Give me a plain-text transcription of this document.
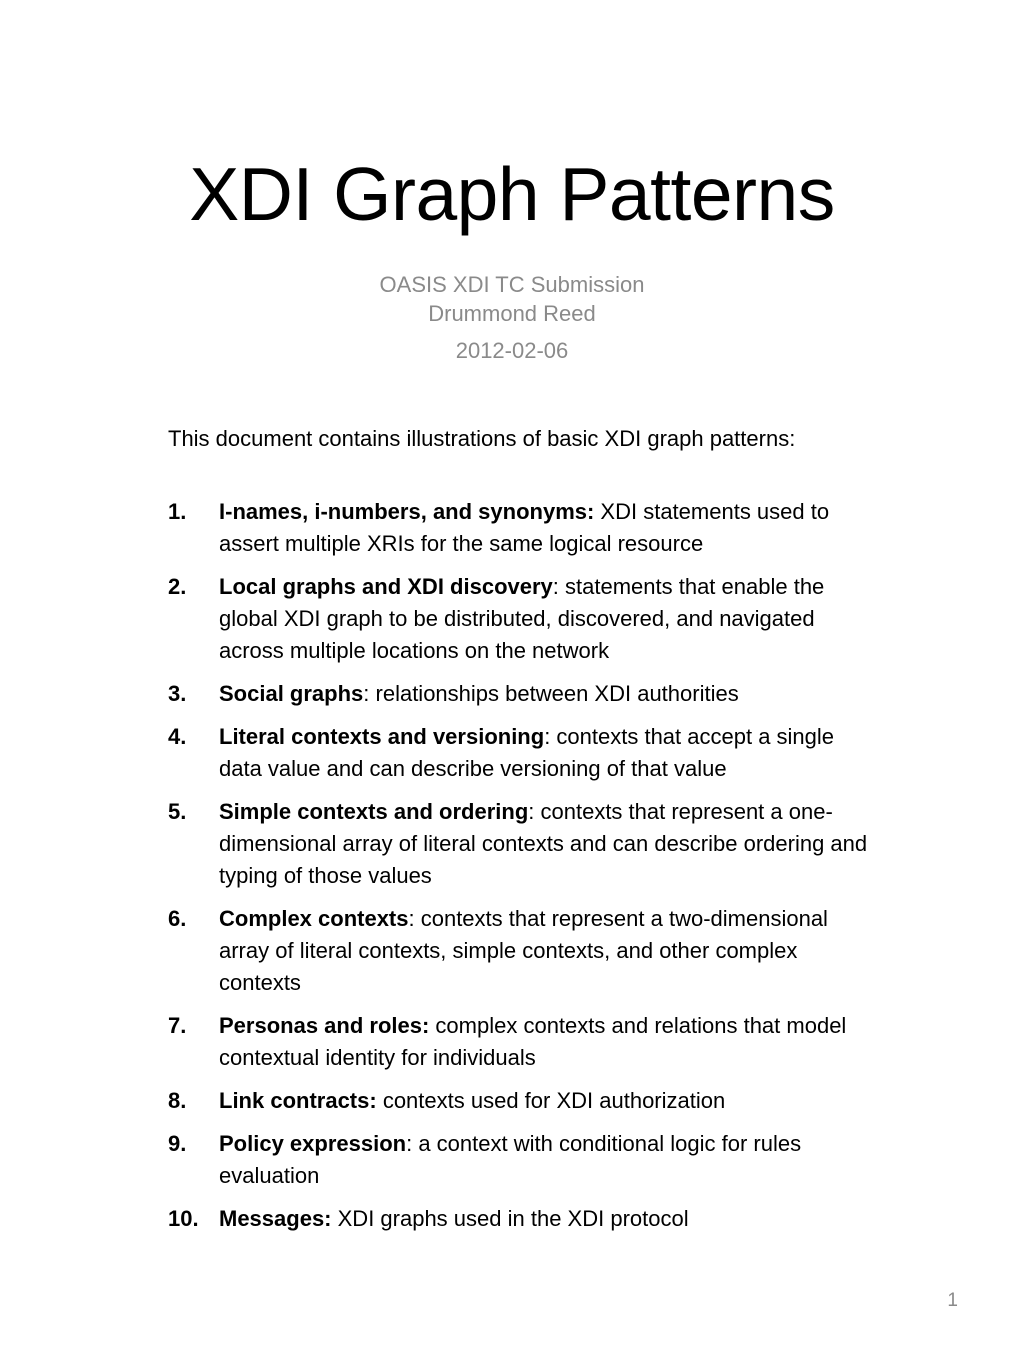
XDI Graph Patterns
OASIS XDI TC Submission
Drummond Reed
2012-02-06
This document contains illustrations of basic XDI graph patterns:
1. I-names, i-numbers, and synonyms: XDI statements used to assert multiple XRIs for the same logical resource
2. Local graphs and XDI discovery: statements that enable the global XDI graph to be distributed, discovered, and navigated across multiple locations on the network
3. Social graphs: relationships between XDI authorities
4. Literal contexts and versioning: contexts that accept a single data value and can describe versioning of that value
5. Simple contexts and ordering: contexts that represent a one-dimensional array of literal contexts and can describe ordering and typing of those values
6. Complex contexts: contexts that represent a two-dimensional array of literal contexts, simple contexts, and other complex contexts
7. Personas and roles: complex contexts and relations that model contextual identity for individuals
8. Link contracts: contexts used for XDI authorization
9. Policy expression: a context with conditional logic for rules evaluation
10. Messages: XDI graphs used in the XDI protocol
1
